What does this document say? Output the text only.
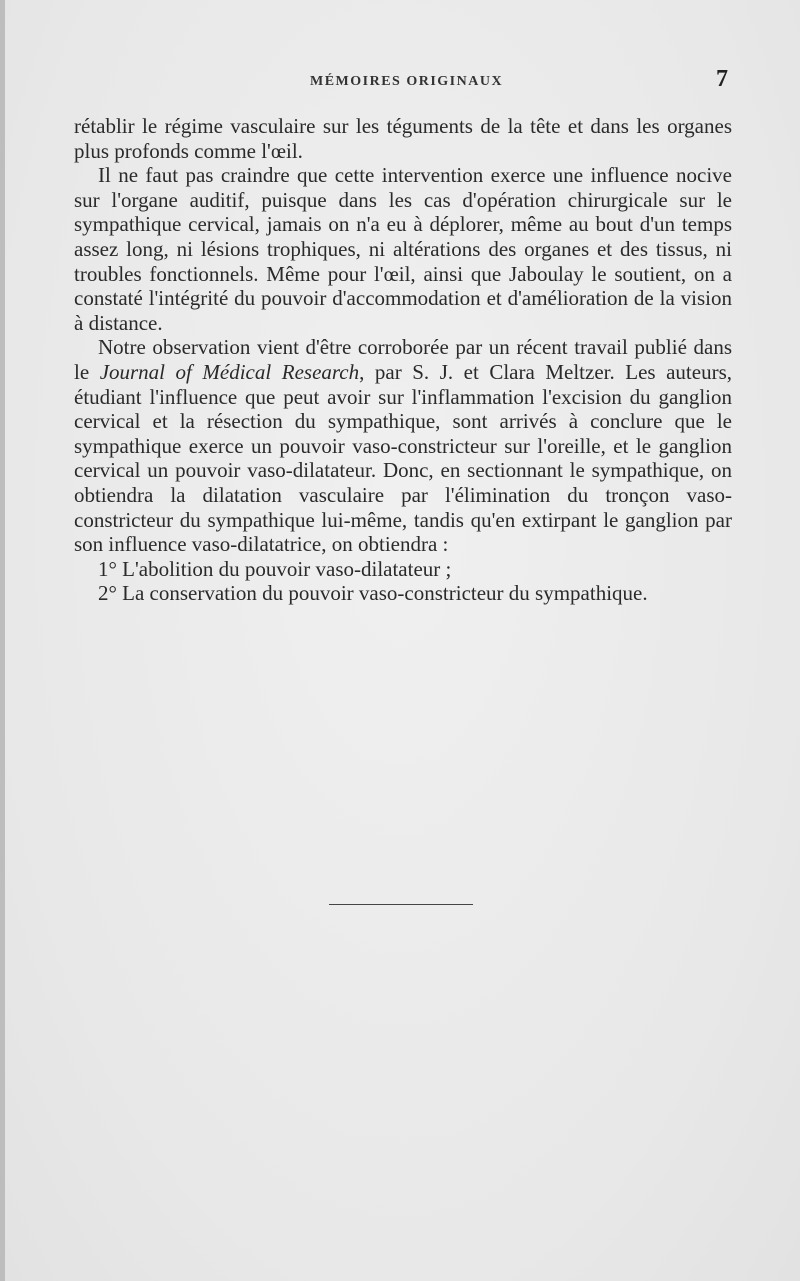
MÉMOIRES ORIGINAUX	7

rétablir le régime vasculaire sur les téguments de la tête et dans les organes plus profonds comme l'œil.

Il ne faut pas craindre que cette intervention exerce une influence nocive sur l'organe auditif, puisque dans les cas d'opération chirurgicale sur le sympathique cervical, jamais on n'a eu à déplorer, même au bout d'un temps assez long, ni lésions trophiques, ni altérations des organes et des tissus, ni troubles fonctionnels. Même pour l'œil, ainsi que Jaboulay le soutient, on a constaté l'intégrité du pouvoir d'accommodation et d'amélioration de la vision à distance.

Notre observation vient d'être corroborée par un récent travail publié dans le Journal of Médical Research, par S. J. et Clara Meltzer. Les auteurs, étudiant l'influence que peut avoir sur l'inflammation l'excision du ganglion cervical et la résection du sympathique, sont arrivés à conclure que le sympathique exerce un pouvoir vaso-constricteur sur l'oreille, et le ganglion cervical un pouvoir vaso-dilatateur. Donc, en sectionnant le sympathique, on obtiendra la dilatation vasculaire par l'élimination du tronçon vaso-constricteur du sympathique lui-même, tandis qu'en extirpant le ganglion par son influence vaso-dilatatrice, on obtiendra :

1° L'abolition du pouvoir vaso-dilatateur ;

2° La conservation du pouvoir vaso-constricteur du sympathique.
